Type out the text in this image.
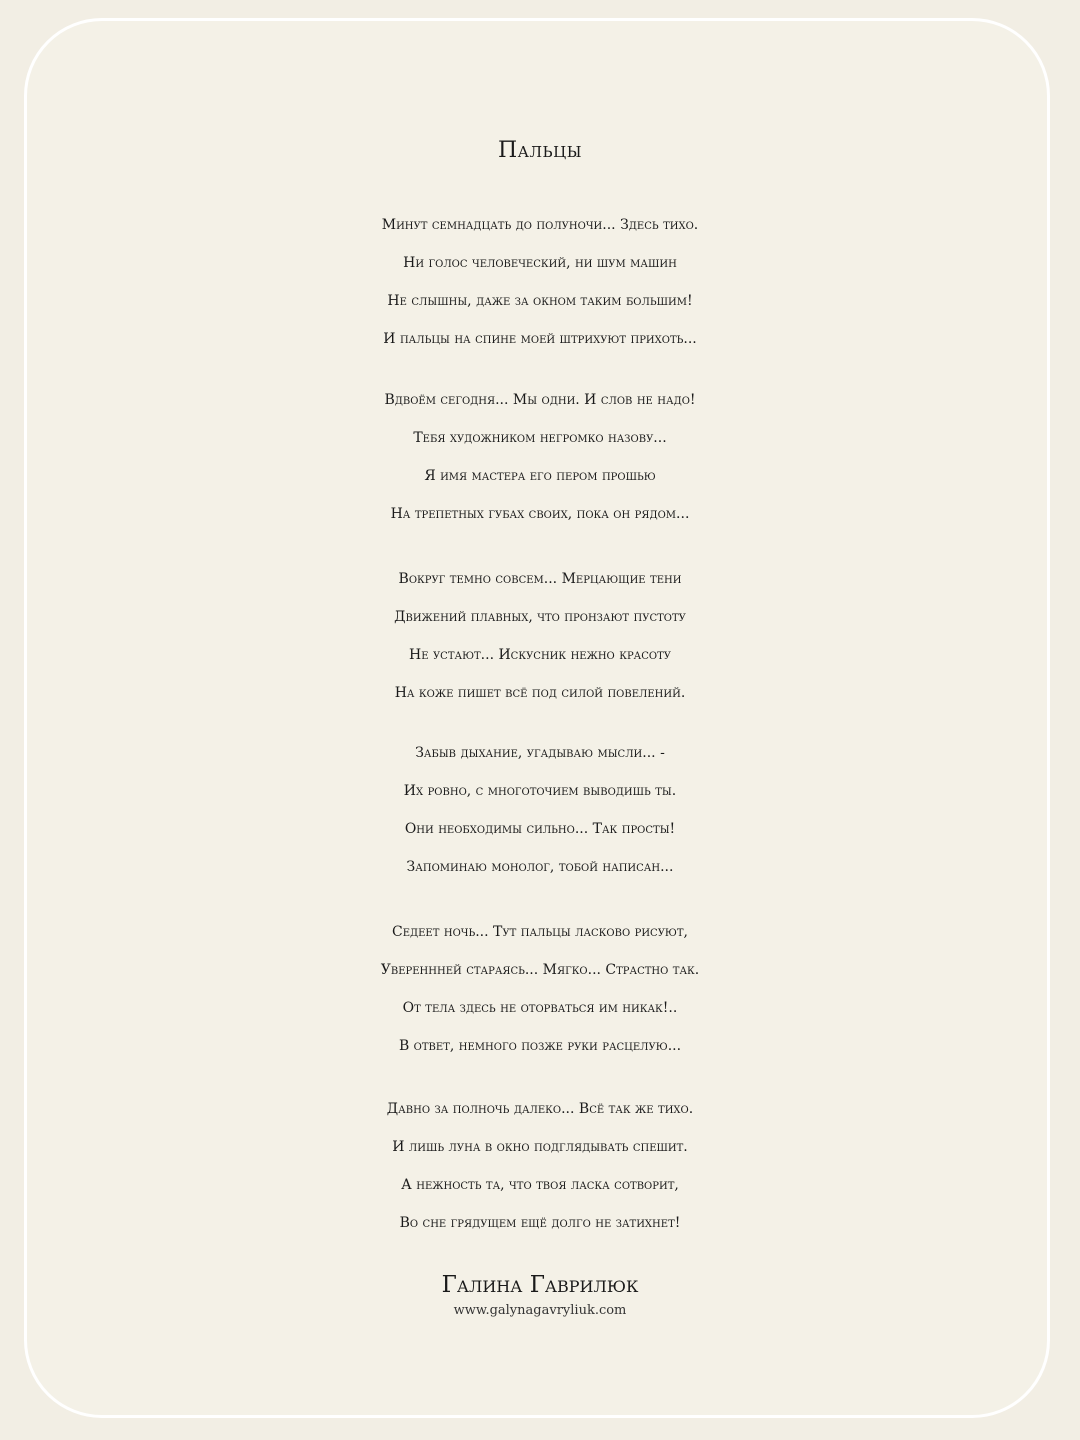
Пальцы
Минут семнадцать до полуночи... Здесь тихо.
Ни голос человеческий, ни шум машин
Не слышны, даже за окном таким большим!
И пальцы на спине моей штрихуют прихоть...
Вдвоём сегодня... Мы одни. И слов не надо!
Тебя художником негромко назову...
Я имя мастера его пером прошью
На трепетных губах своих, пока он рядом...
Вокруг темно совсем... Мерцающие тени
Движений плавных, что пронзают пустоту
Не устают... Искусник нежно красоту
На коже пишет всё под силой повелений.
Забыв дыхание, угадываю мысли... -
Их ровно, с многоточием выводишь ты.
Они необходимы сильно... Так просты!
Запоминаю монолог, тобой написан...
Седеет ночь... Тут пальцы ласково рисуют,
Увереннней стараясь... Мягко... Страстно так.
От тела здесь не оторваться им никак!..
В ответ, немного позже руки расцелую...
Давно за полночь далеко... Всё так же тихо.
И лишь луна в окно подглядывать спешит.
А нежность та, что твоя ласка сотворит,
Во сне грядущем ещё долго не затихнет!
Галина Гаврилюк
www.galynagavryliuk.com
